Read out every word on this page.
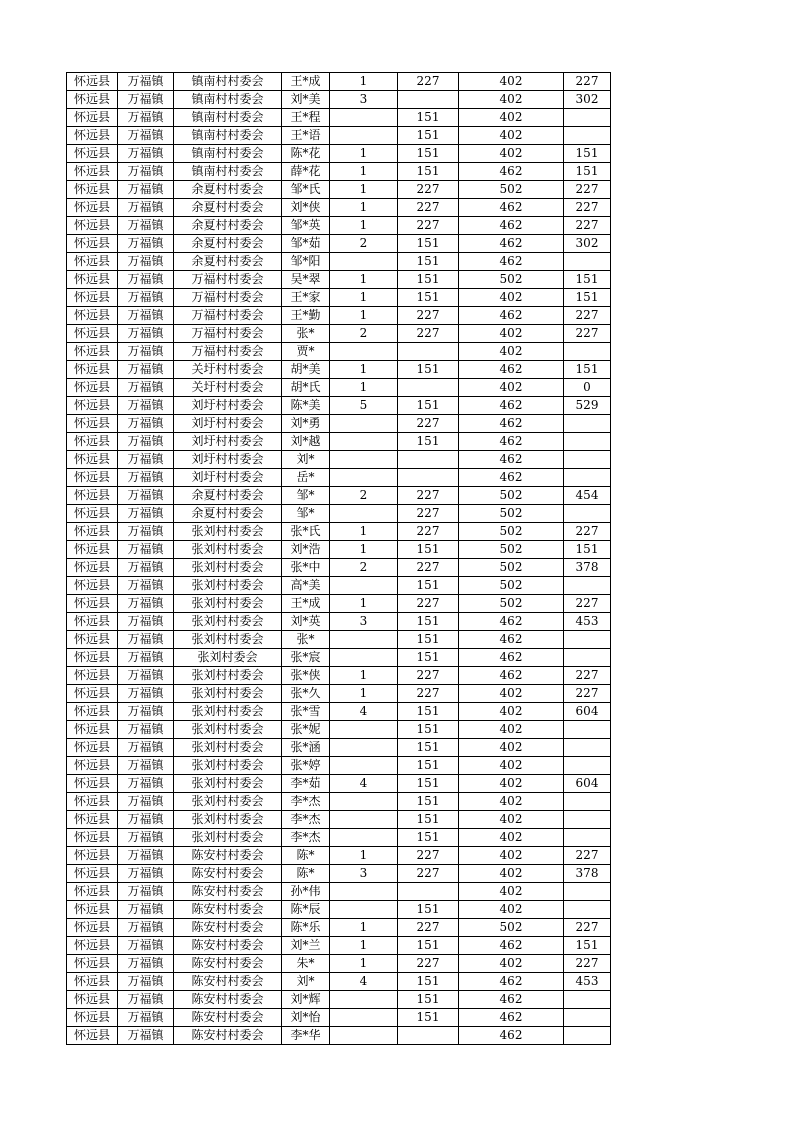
怀远县	万福镇	镇南村村委会	王*成	1	227	402	227
怀远县	万福镇	镇南村村委会	刘*美	3		402	302
怀远县	万福镇	镇南村村委会	王*程		151	402	
怀远县	万福镇	镇南村村委会	王*语		151	402	
怀远县	万福镇	镇南村村委会	陈*花	1	151	402	151
怀远县	万福镇	镇南村村委会	薛*花	1	151	462	151
怀远县	万福镇	余夏村村委会	邹*氏	1	227	502	227
怀远县	万福镇	余夏村村委会	刘*侠	1	227	462	227
怀远县	万福镇	余夏村村委会	邹*英	1	227	462	227
怀远县	万福镇	余夏村村委会	邹*茹	2	151	462	302
怀远县	万福镇	余夏村村委会	邹*阳		151	462	
怀远县	万福镇	万福村村委会	吴*翠	1	151	502	151
怀远县	万福镇	万福村村委会	王*家	1	151	402	151
怀远县	万福镇	万福村村委会	王*勤	1	227	462	227
怀远县	万福镇	万福村村委会	张*	2	227	402	227
怀远县	万福镇	万福村村委会	贾*			402	
怀远县	万福镇	关圩村村委会	胡*美	1	151	462	151
怀远县	万福镇	关圩村村委会	胡*氏	1		402	0
怀远县	万福镇	刘圩村村委会	陈*美	5	151	462	529
怀远县	万福镇	刘圩村村委会	刘*勇		227	462	
怀远县	万福镇	刘圩村村委会	刘*越		151	462	
怀远县	万福镇	刘圩村村委会	刘*			462	
怀远县	万福镇	刘圩村村委会	岳*			462	
怀远县	万福镇	余夏村村委会	邹*	2	227	502	454
怀远县	万福镇	余夏村村委会	邹*		227	502	
怀远县	万福镇	张刘村村委会	张*氏	1	227	502	227
怀远县	万福镇	张刘村村委会	刘*浩	1	151	502	151
怀远县	万福镇	张刘村村委会	张*中	2	227	502	378
怀远县	万福镇	张刘村村委会	高*美		151	502	
怀远县	万福镇	张刘村村委会	王*成	1	227	502	227
怀远县	万福镇	张刘村村委会	刘*英	3	151	462	453
怀远县	万福镇	张刘村村委会	张*		151	462	
怀远县	万福镇	张刘村委会	张*宸		151	462	
怀远县	万福镇	张刘村村委会	张*侠	1	227	462	227
怀远县	万福镇	张刘村村委会	张*久	1	227	402	227
怀远县	万福镇	张刘村村委会	张*雪	4	151	402	604
怀远县	万福镇	张刘村村委会	张*妮		151	402	
怀远县	万福镇	张刘村村委会	张*涵		151	402	
怀远县	万福镇	张刘村村委会	张*婷		151	402	
怀远县	万福镇	张刘村村委会	李*茹	4	151	402	604
怀远县	万福镇	张刘村村委会	李*杰		151	402	
怀远县	万福镇	张刘村村委会	李*杰		151	402	
怀远县	万福镇	张刘村村委会	李*杰		151	402	
怀远县	万福镇	陈安村村委会	陈*	1	227	402	227
怀远县	万福镇	陈安村村委会	陈*	3	227	402	378
怀远县	万福镇	陈安村村委会	孙*伟			402	
怀远县	万福镇	陈安村村委会	陈*辰		151	402	
怀远县	万福镇	陈安村村委会	陈*乐	1	227	502	227
怀远县	万福镇	陈安村村委会	刘*兰	1	151	462	151
怀远县	万福镇	陈安村村委会	朱*	1	227	402	227
怀远县	万福镇	陈安村村委会	刘*	4	151	462	453
怀远县	万福镇	陈安村村委会	刘*辉		151	462	
怀远县	万福镇	陈安村村委会	刘*怡		151	462	
怀远县	万福镇	陈安村村委会	李*华			462	
